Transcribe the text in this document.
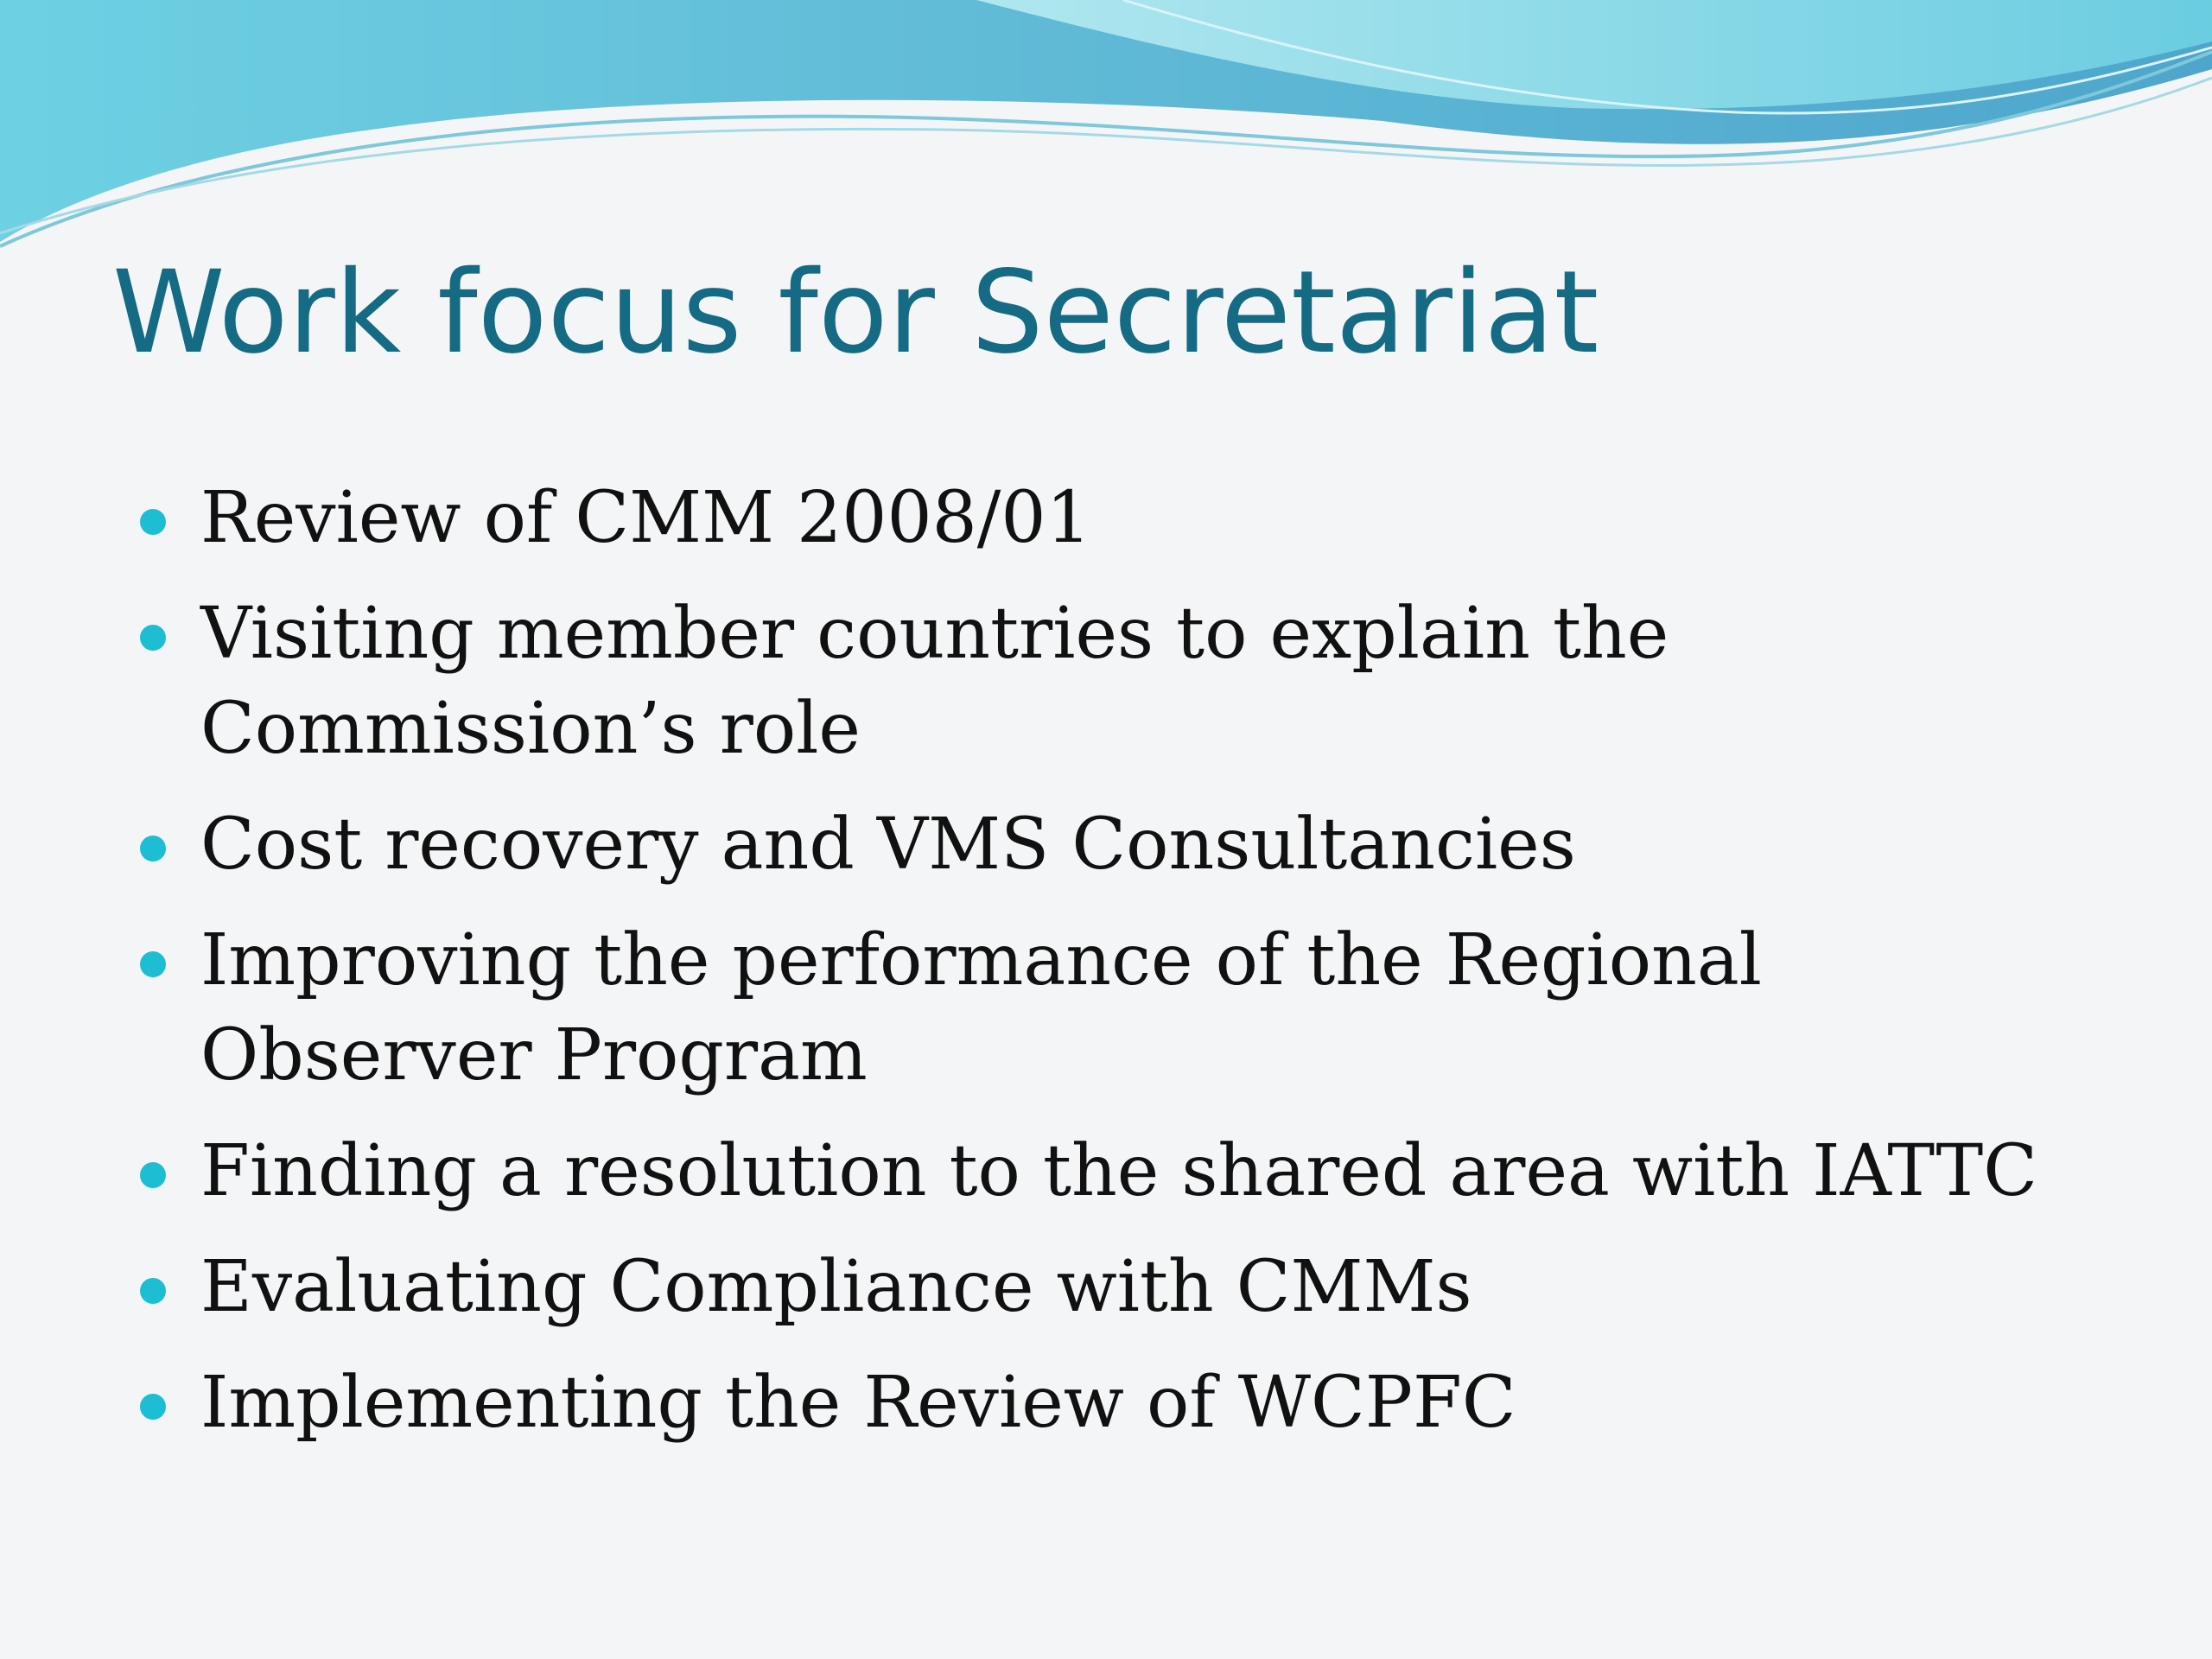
Work focus for Secretariat
Review of CMM 2008/01
Visiting member countries to explain the Commission’s role
Cost recovery and VMS Consultancies
Improving the performance of the Regional Observer Program
Finding a resolution to the shared area with IATTC
Evaluating Compliance with CMMs
Implementing the Review of WCPFC
